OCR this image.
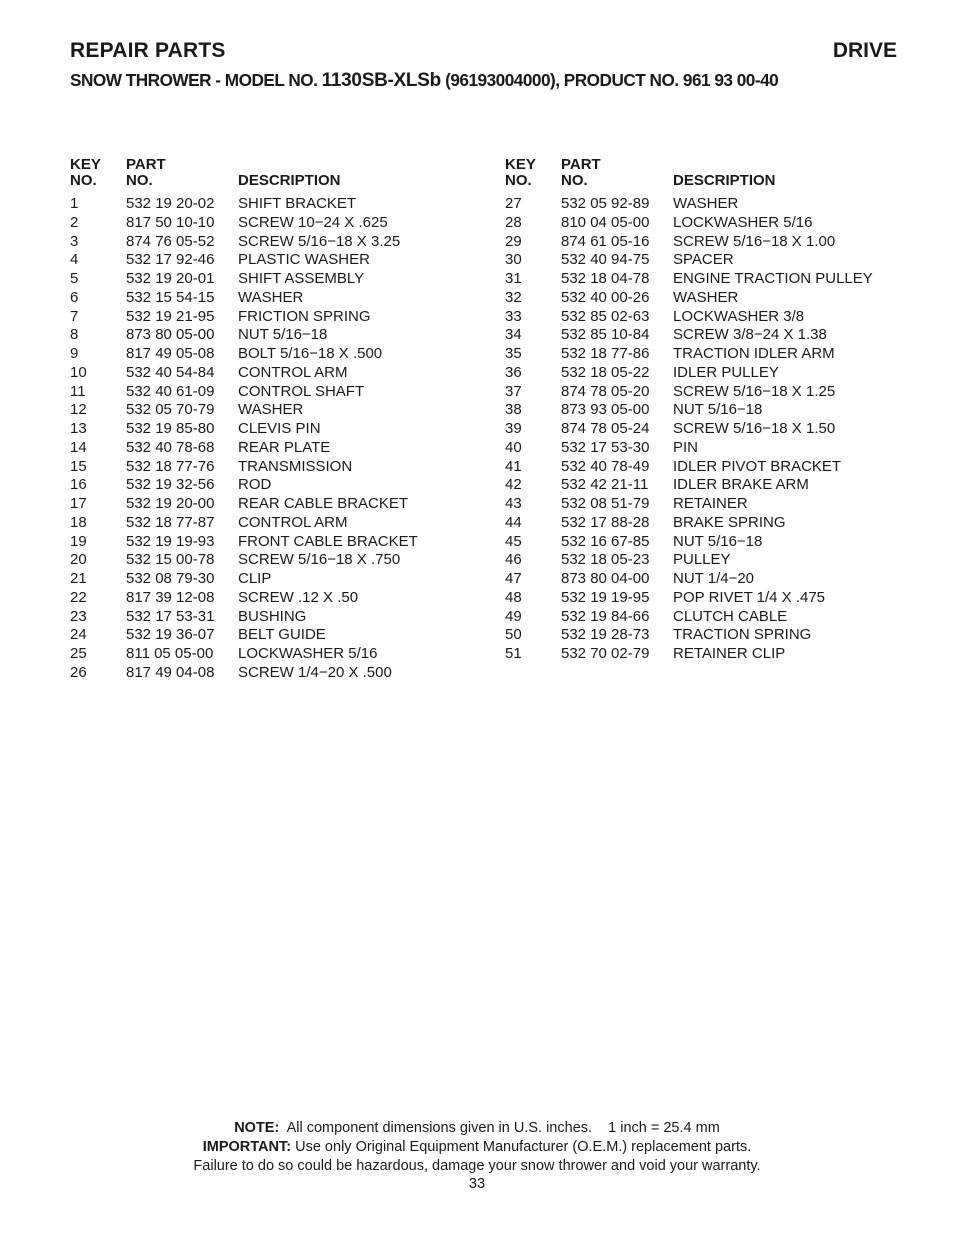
REPAIR PARTS	DRIVE
SNOW THROWER - MODEL NO. 1130SB-XLSb (96193004000), PRODUCT NO. 961 93 00-40
KEY
NO.
PART
NO.	DESCRIPTION
1	532 19 20-02 SHIFT BRACKET
2	817 50 10-10 SCREW 10−24 X .625
3	874 76 05-52 SCREW 5/16−18 X 3.25
4	532 17 92-46 PLASTIC WASHER
5	532 19 20-01 SHIFT ASSEMBLY
6	532 15 54-15 WASHER
7	532 19 21-95 FRICTION SPRING
8	873 80 05-00 NUT 5/16−18
9	817 49 05-08 BOLT 5/16−18 X .500
10	532 40 54-84 CONTROL ARM
11	532 40 61-09 CONTROL SHAFT
12	532 05 70-79 WASHER
13	532 19 85-80 CLEVIS PIN
14	532 40 78-68 REAR PLATE
15	532 18 77-76 TRANSMISSION
16	532 19 32-56 ROD
17	532 19 20-00 REAR CABLE BRACKET
18	532 18 77-87 CONTROL ARM
19	532 19 19-93 FRONT CABLE BRACKET
20	532 15 00-78 SCREW 5/16−18 X .750
21	532 08 79-30 CLIP
22	817 39 12-08 SCREW .12 X .50
23	532 17 53-31 BUSHING
24	532 19 36-07 BELT GUIDE
25	811 05 05-00 LOCKWASHER 5/16
26	817 49 04-08 SCREW 1/4−20 X .500
KEY
NO.
PART
NO.	DESCRIPTION
27	532 05 92-89 WASHER
28	810 04 05-00 LOCKWASHER 5/16
29	874 61 05-16 SCREW 5/16−18 X 1.00
30	532 40 94-75 SPACER
31	532 18 04-78 ENGINE TRACTION PULLEY
32	532 40 00-26 WASHER
33	532 85 02-63 LOCKWASHER 3/8
34	532 85 10-84 SCREW 3/8−24 X 1.38
35	532 18 77-86 TRACTION IDLER ARM
36	532 18 05-22 IDLER PULLEY
37	874 78 05-20 SCREW 5/16−18 X 1.25
38	873 93 05-00 NUT 5/16−18
39	874 78 05-24 SCREW 5/16−18 X 1.50
40	532 17 53-30 PIN
41	532 40 78-49 IDLER PIVOT BRACKET
42	532 42 21-11 IDLER BRAKE ARM
43	532 08 51-79 RETAINER
44	532 17 88-28 BRAKE SPRING
45	532 16 67-85 NUT 5/16−18
46	532 18 05-23 PULLEY
47	873 80 04-00 NUT 1/4−20
48	532 19 19-95 POP RIVET 1/4 X .475
49	532 19 84-66 CLUTCH CABLE
50	532 19 28-73 TRACTION SPRING
51	532 70 02-79 RETAINER CLIP
NOTE:  All component dimensions given in U.S. inches.    1 inch = 25.4 mm
IMPORTANT: Use only Original Equipment Manufacturer (O.E.M.) replacement parts.
Failure to do so could be hazardous, damage your snow thrower and void your warranty.
33
